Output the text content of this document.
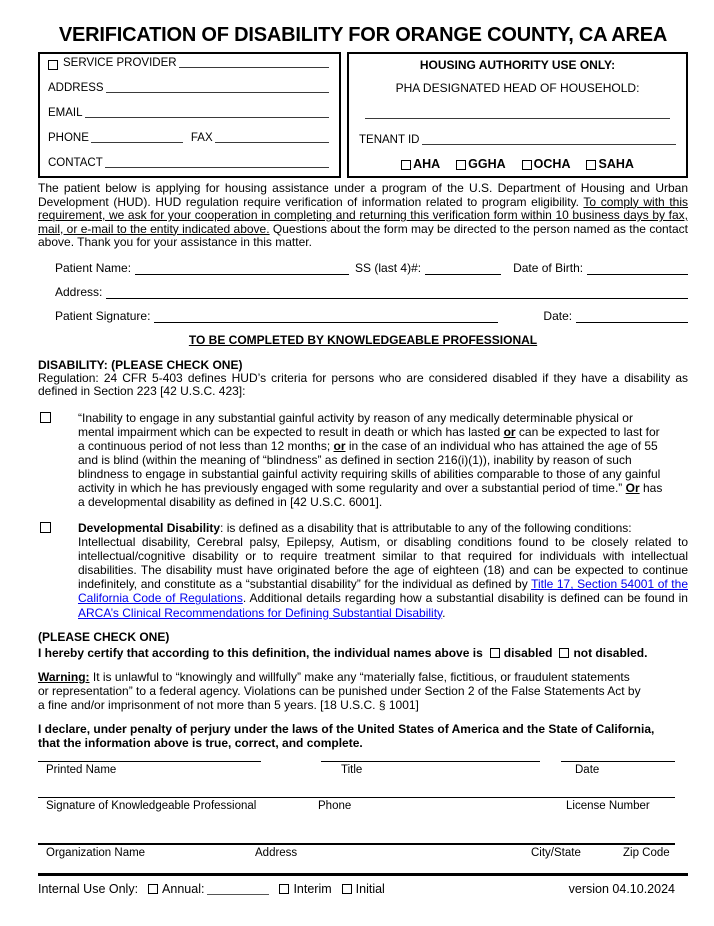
VERIFICATION OF DISABILITY FOR ORANGE COUNTY, CA AREA
SERVICE PROVIDER
ADDRESS
EMAIL
PHONE	FAX
CONTACT
HOUSING AUTHORITY USE ONLY:
PHA DESIGNATED HEAD OF HOUSEHOLD:
TENANT ID
AHA GGHA OCHA SAHA

The patient below is applying for housing assistance under a program of the U.S. Department of Housing and Urban Development (HUD). HUD regulation require verification of information related to program eligibility. To comply with this requirement, we ask for your cooperation in completing and returning this verification form within 10 business days by fax, mail, or e-mail to the entity indicated above. Questions about the form may be directed to the person named as the contact above. Thank you for your assistance in this matter.

Patient Name:	SS (last 4)#:	Date of Birth:
Address:
Patient Signature:	Date:
TO BE COMPLETED BY KNOWLEDGEABLE PROFESSIONAL
DISABILITY: (PLEASE CHECK ONE)
Regulation: 24 CFR 5-403 defines HUD’s criteria for persons who are considered disabled if they have a disability as defined in Section 223 [42 U.S.C. 423]:
“Inability to engage in any substantial gainful activity by reason of any medically determinable physical or mental impairment which can be expected to result in death or which has lasted or can be expected to last for a continuous period of not less than 12 months; or in the case of an individual who has attained the age of 55 and is blind (within the meaning of “blindness” as defined in section 216(i)(1)), inability by reason of such blindness to engage in substantial gainful activity requiring skills of abilities comparable to those of any gainful activity in which he has previously engaged with some regularity and over a substantial period of time.” Or has a developmental disability as defined in [42 U.S.C. 6001].
Developmental Disability: is defined as a disability that is attributable to any of the following conditions:
Intellectual disability, Cerebral palsy, Epilepsy, Autism, or disabling conditions found to be closely related to intellectual/cognitive disability or to require treatment similar to that required for individuals with intellectual disabilities. The disability must have originated before the age of eighteen (18) and can be expected to continue indefinitely, and constitute as a “substantial disability” for the individual as defined by Title 17, Section 54001 of the California Code of Regulations. Additional details regarding how a substantial disability is defined can be found in ARCA’s Clinical Recommendations for Defining Substantial Disability.
(PLEASE CHECK ONE)
I hereby certify that according to this definition, the individual names above is disabled not disabled.

Warning: It is unlawful to “knowingly and willfully” make any “materially false, fictitious, or fraudulent statements or representation” to a federal agency. Violations can be punished under Section 2 of the False Statements Act by a fine and/or imprisonment of not more than 5 years. [18 U.S.C. § 1001]

I declare, under penalty of perjury under the laws of the United States of America and the State of California, that the information above is true, correct, and complete.

Printed Name	Title	Date
Signature of Knowledgeable Professional	Phone	License Number
Organization Name	Address	City/State	Zip Code
Internal Use Only: Annual:	Interim Initial	version 04.10.2024
